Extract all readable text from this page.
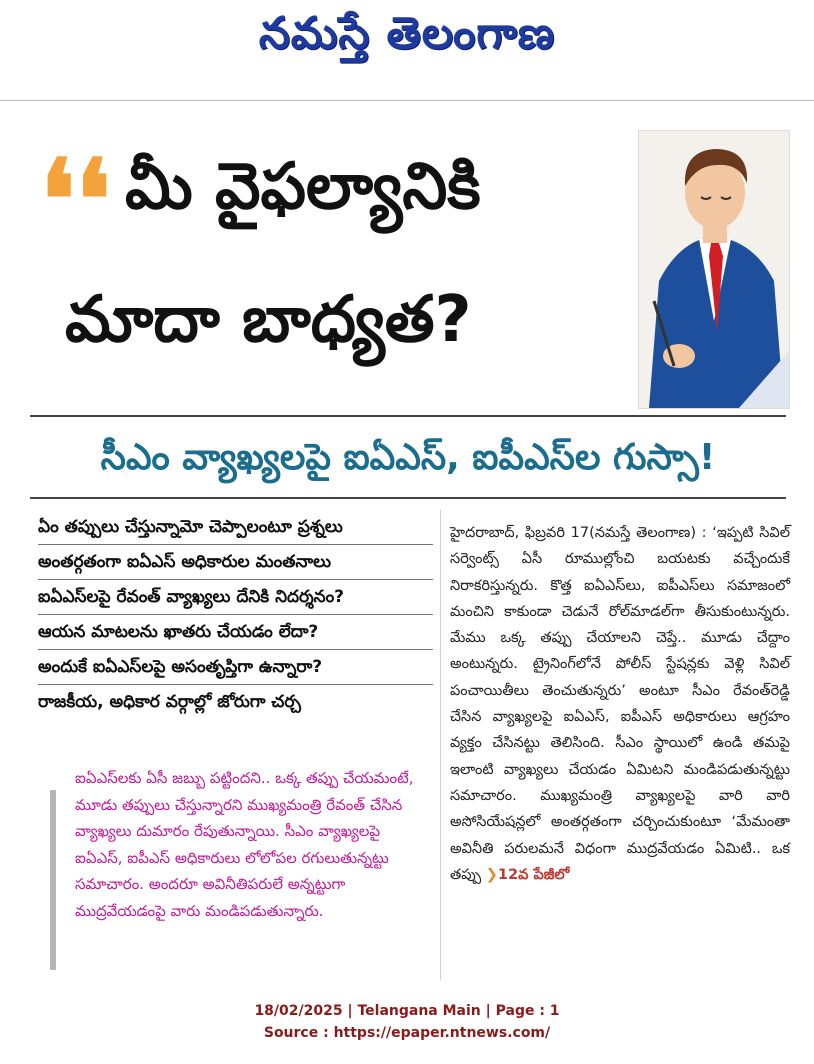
నమస్తే తెలంగాణ
❛❛ మీ వైఫల్యానికి
మాదా బాధ్యత?
సీఎం వ్యాఖ్యలపై ఐఏఎస్, ఐపీఎస్‌ల గుస్సా!
ఏం తప్పులు చేస్తున్నామో చెప్పాలంటూ ప్రశ్నలు
అంతర్గతంగా ఐఏఎస్ అధికారుల మంతనాలు
ఐఏఎస్‌లపై రేవంత్ వ్యాఖ్యలు దేనికి నిదర్శనం?
ఆయన మాటలను ఖాతరు చేయడం లేదా?
అందుకే ఐఏఎస్‌లపై అసంతృప్తిగా ఉన్నారా?
రాజకీయ, అధికార వర్గాల్లో జోరుగా చర్చ
ఐఏఎస్‌లకు ఏసీ జబ్బు పట్టిందని.. ఒక్క తప్పు చేయమంటే, మూడు తప్పులు చేస్తున్నారని ముఖ్యమంత్రి రేవంత్ చేసిన వ్యాఖ్యలు దుమారం రేపుతున్నాయి. సీఎం వ్యాఖ్యలపై ఐఏఎస్, ఐపీఎస్ అధికారులు లోలోపల రగులుతున్నట్టు సమాచారం. అందరూ అవినీతిపరులే అన్నట్టుగా ముద్రవేయడంపై వారు మండిపడుతున్నారు.
హైదరాబాద్, ఫిబ్రవరి 17(నమస్తే తెలంగాణ) : ‘ఇప్పటి సివిల్ సర్వెంట్స్ ఏసీ రూముల్లోంచి బయటకు వచ్చేందుకే నిరాకరిస్తున్నరు. కొత్త ఐఏఎస్‌లు, ఐపీఎస్‌లు సమాజంలో మంచిని కాకుండా చెడునే రోల్‌మాడల్‌గా తీసుకుంటున్నరు. మేము ఒక్క తప్పు చేయాలని చెప్తే.. మూడు చేద్దాం అంటున్నరు. ట్రైనింగ్‌లోనే పోలీస్ స్టేషన్లకు వెళ్లి సివిల్ పంచాయితీలు తెంచుతున్నరు’ అంటూ సీఎం రేవంత్‌రెడ్డి చేసిన వ్యాఖ్యలపై ఐఏఎస్, ఐపీఎస్ అధికారులు ఆగ్రహం వ్యక్తం చేసినట్టు తెలిసింది. సీఎం స్థాయిలో ఉండి తమపై ఇలాంటి వ్యాఖ్యలు చేయడం ఏమిటని మండిపడుతున్నట్టు సమాచారం. ముఖ్యమంత్రి వ్యాఖ్యలపై వారి వారి అసోసియేషన్లలో అంతర్గతంగా చర్చించుకుంటూ ‘మేమంతా అవినీతి పరులమనే విధంగా ముద్రవేయడం ఏమిటి.. ఒక తప్పు ❯12వ పేజీలో
18/02/2025 | Telangana Main | Page : 1
Source : https://epaper.ntnews.com/
